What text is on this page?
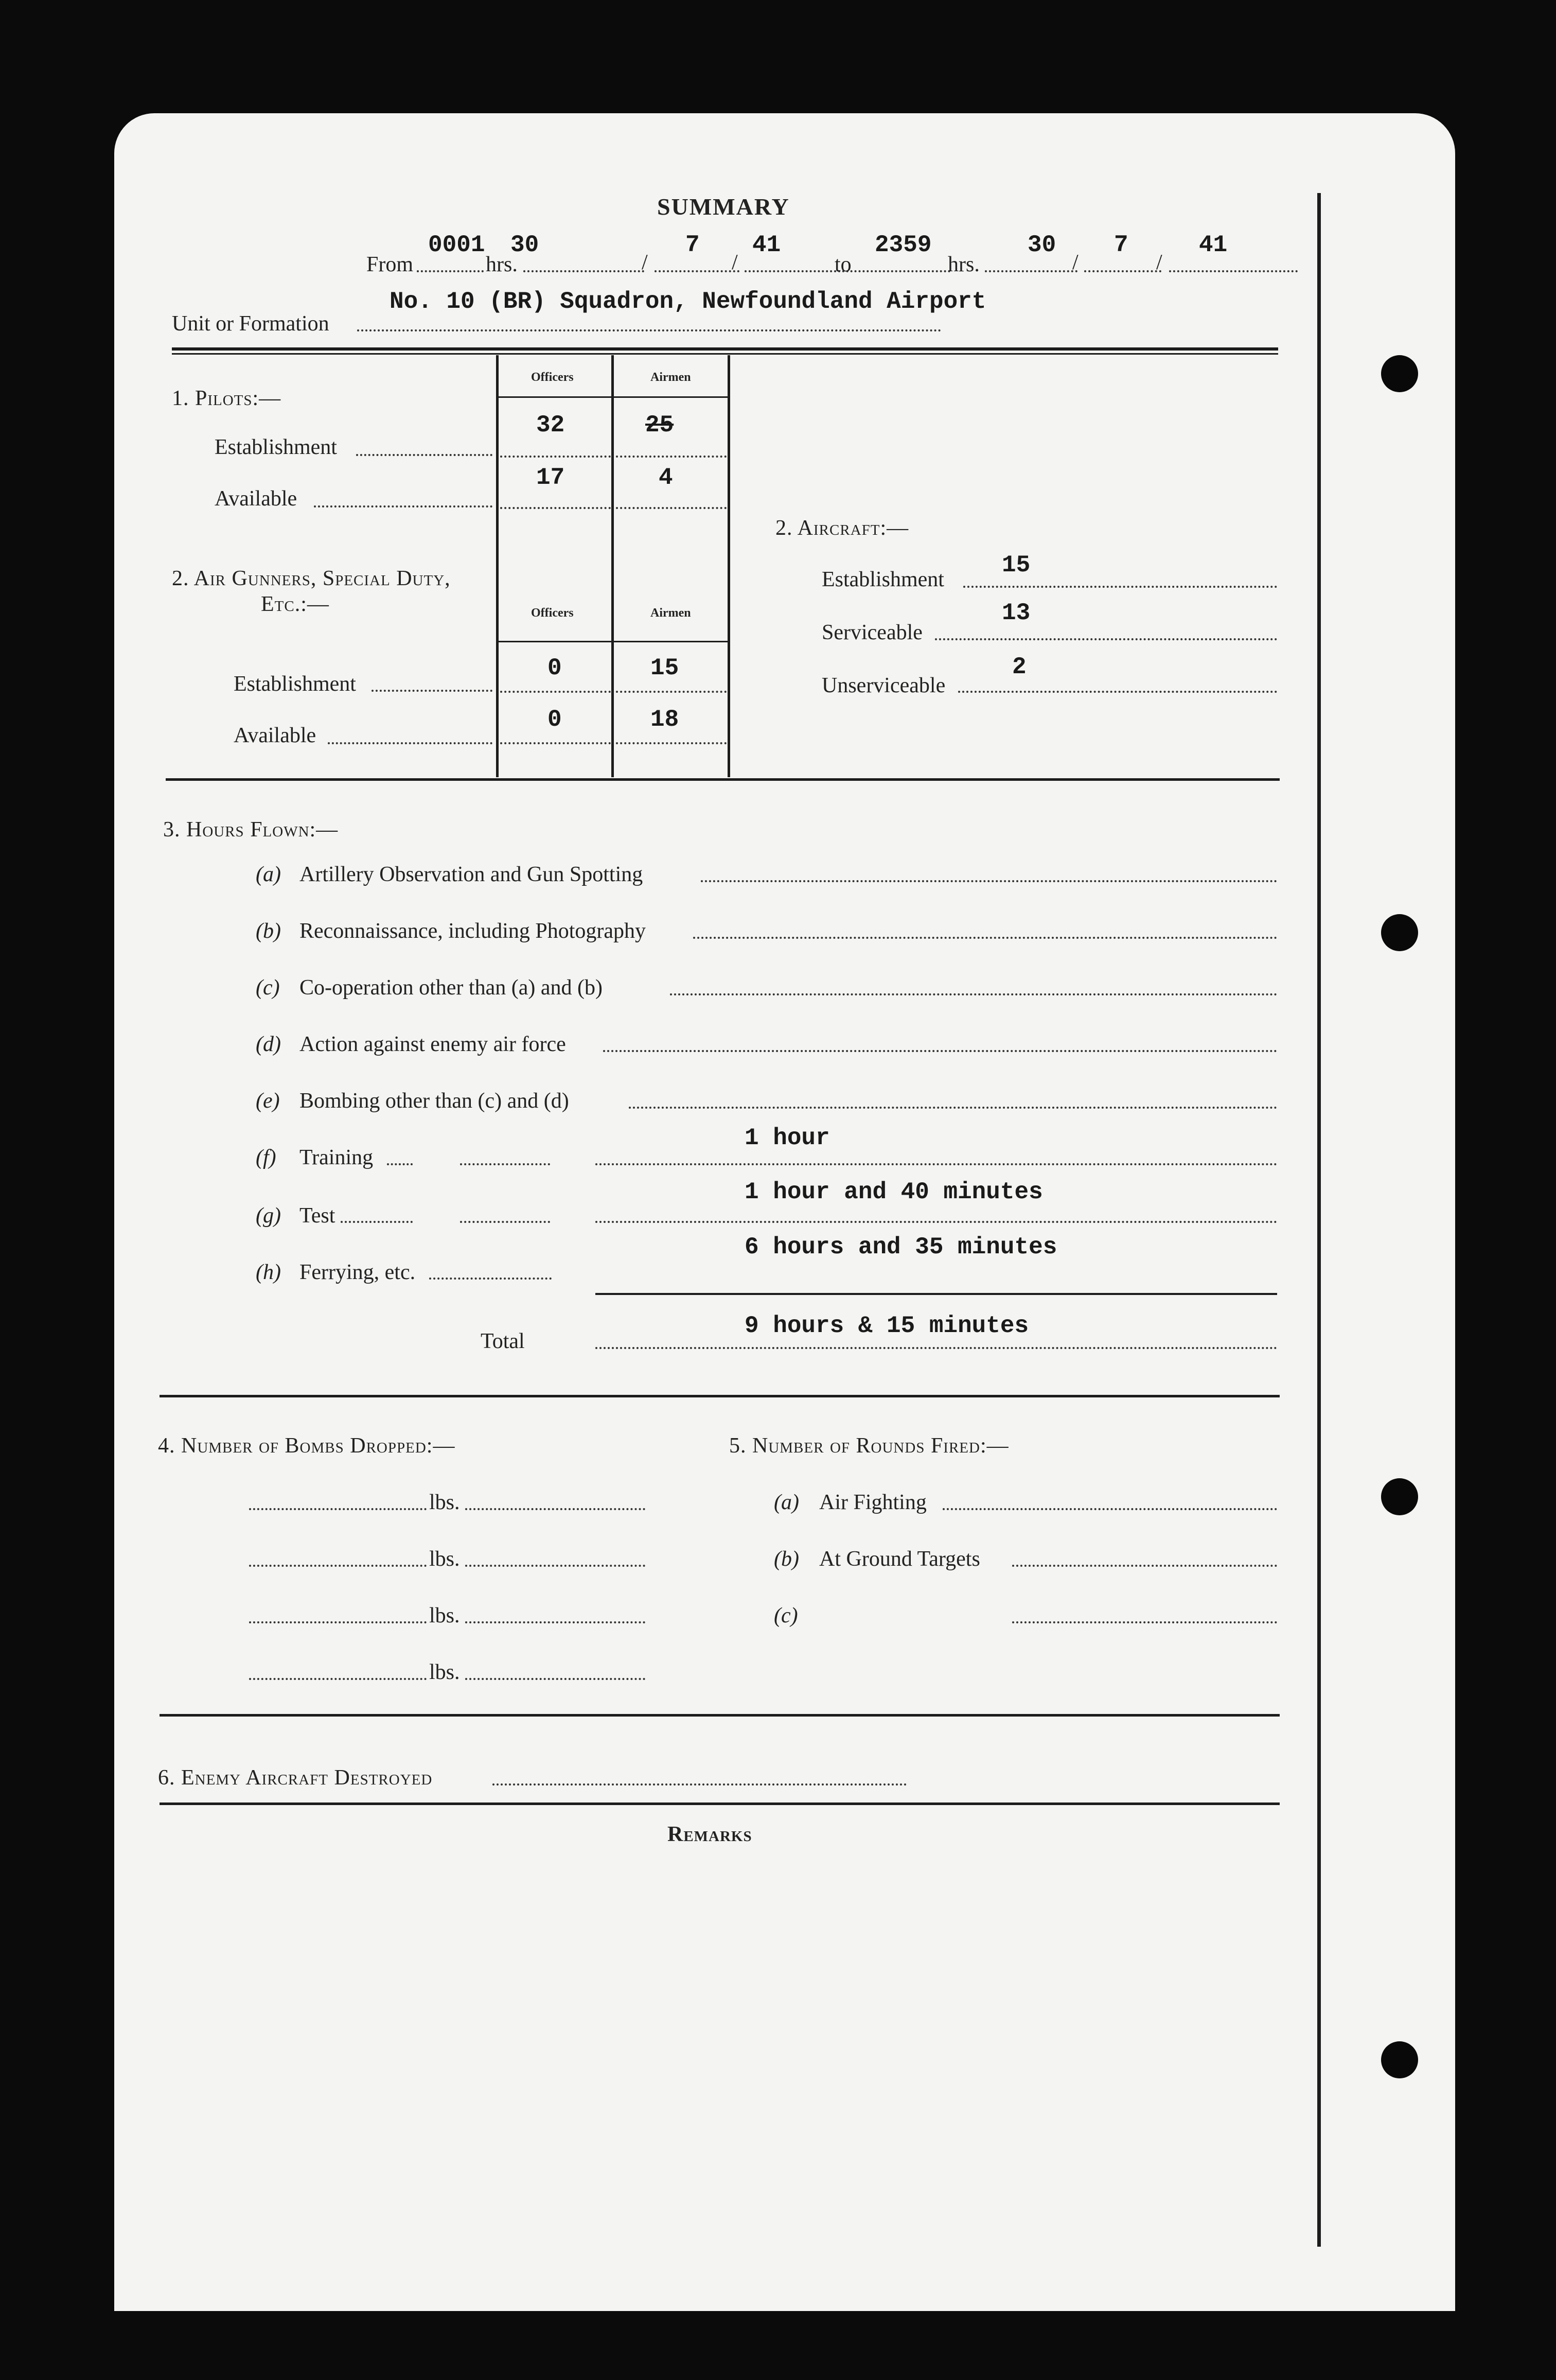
SUMMARY
From
0001
hrs.
30
/
7
/
41
to
2359
hrs.
30
/
7
/
41
Unit or Formation
No. 10 (BR) Squadron, Newfoundland Airport
1. Pilots:—
Officers	Airmen
Establishment
32	25
Available
17	4
2. Air Gunners, Special Duty,
Etc.:—	Officers	Airmen
Establishment
0	15
Available
0	18
2. Aircraft:—
Establishment
15
Serviceable
13
Unserviceable
2
3. Hours Flown:—
(a) Artillery Observation and Gun Spotting
(b) Reconnaissance, including Photography
(c) Co-operation other than (a) and (b)
(d) Action against enemy air force
(e) Bombing other than (c) and (d)
(f) Training
1 hour
(g) Test
1 hour and 40 minutes
(h) Ferrying, etc.
6 hours and 35 minutes
Total
9 hours & 15 minutes
4. Number of Bombs Dropped:—
lbs.
lbs.
lbs.
lbs.
5. Number of Rounds Fired:—
(a) Air Fighting
(b) At Ground Targets
(c)
6. Enemy Aircraft Destroyed
Remarks
